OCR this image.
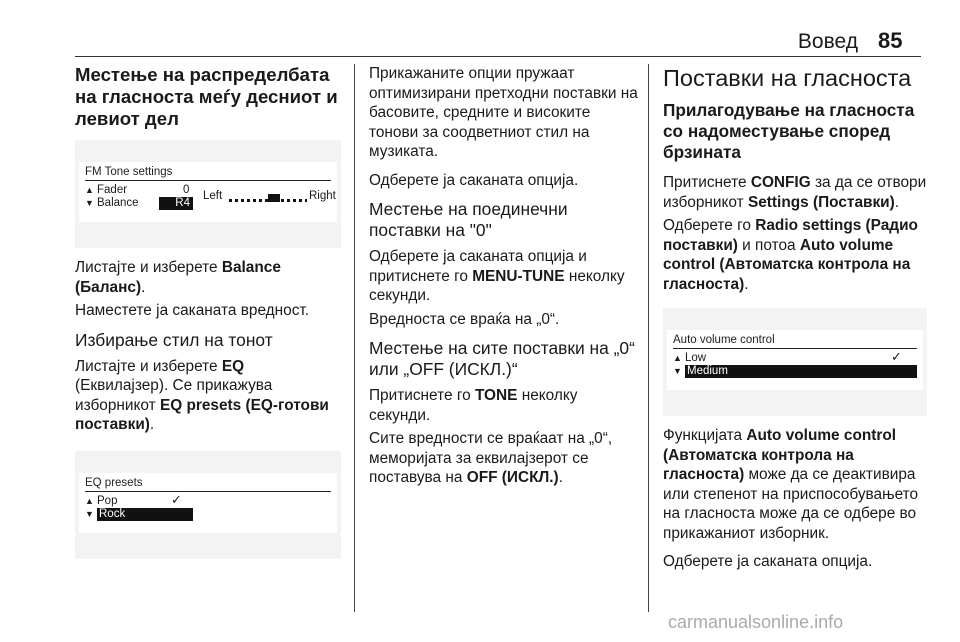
Вовед 85
Местење на распределбата на гласноста меѓу десниот и левиот дел
FM Tone settings
▲ Fader	0
▼ Balance	R4
Left	Right

Листајте и изберете Balance (Баланс).

Наместете ја саканата вредност.

Избирање стил на тонот

Листајте и изберете EQ (Еквилајзер). Се прикажува изборникот EQ presets (EQ-готови поставки).

EQ presets
▲ Pop	✓
▼ Rock

Прикажаните опции пружаат оптимизирани претходни поставки на басовите, средните и високите тонови за соодветниот стил на музиката.

Одберете ја саканата опција.

Местење на поединечни поставки на "0"

Одберете ја саканата опција и притиснете го MENU-TUNE неколку секунди.

Вредноста се враќа на „0“.

Местење на сите поставки на „0“ или „OFF (ИСКЛ.)“

Притиснете го TONE неколку секунди.

Сите вредности се враќаат на „0“, меморијата за еквилајзерот се поставува на OFF (ИСКЛ.).

Поставки на гласноста
Прилагодување на гласноста со надоместување според брзината

Притиснете CONFIG за да се отвори изборникот Settings (Поставки).

Одберете го Radio settings (Радио поставки) и потоа Auto volume control (Автоматска контрола на гласноста).

Auto volume control
▲ Low	✓
▼ Medium

Функцијата Auto volume control (Автоматска контрола на гласноста) може да се деактивира или степенот на приспособувањето на гласноста може да се одбере во прикажаниот изборник.

Одберете ја саканата опција.

carmanualsonline.info
